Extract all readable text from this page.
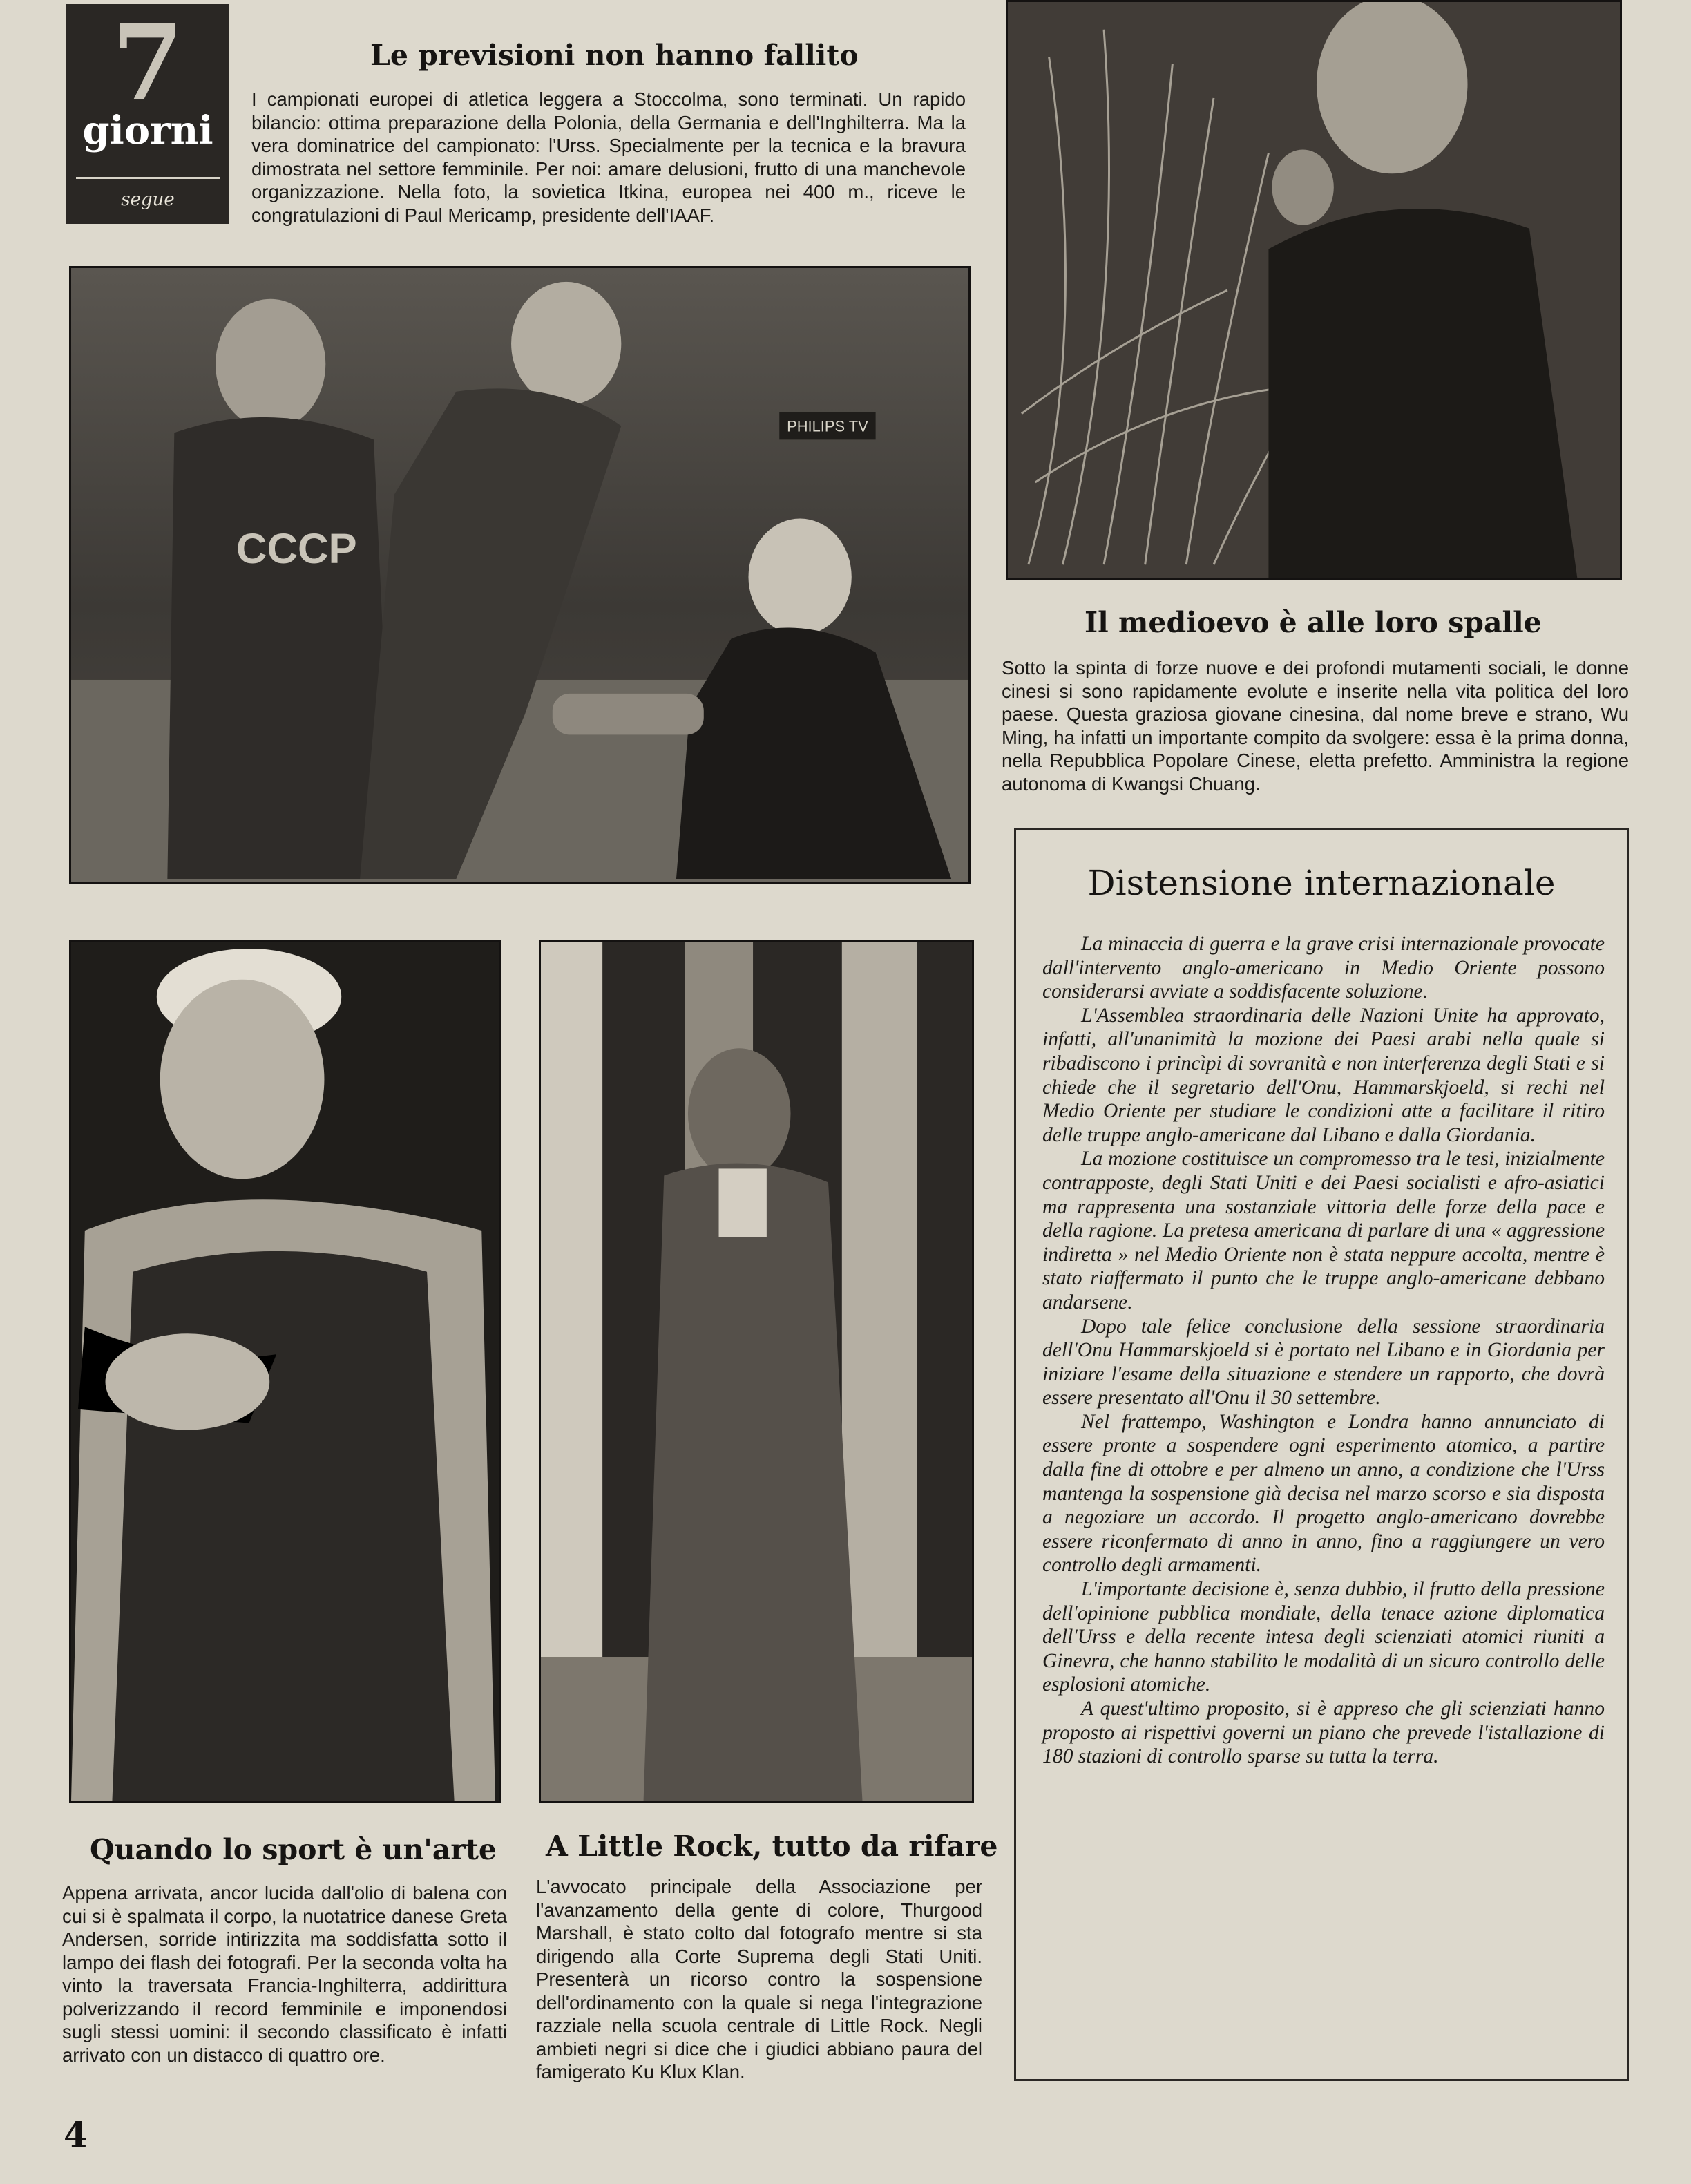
7
giorni
segue
Le previsioni non hanno fallito

I campionati europei di atletica leggera a Stoccolma, sono terminati. Un rapido bilancio: ottima preparazione della Polonia, della Germania e dell'Inghilterra. Ma la vera dominatrice del campionato: l'Urss. Specialmente per la tecnica e la bravura dimostrata nel settore femminile. Per noi: amare delusioni, frutto di una manchevole organizzazione. Nella foto, la sovietica Itkina, europea nei 400 m., riceve le congratulazioni di Paul Mericamp, presidente dell'IAAF.

PHILIPS TV
CCCP
Il medioevo è alle loro spalle

Sotto la spinta di forze nuove e dei profondi mutamenti sociali, le donne cinesi si sono rapidamente evolute e inserite nella vita politica del loro paese. Questa graziosa giovane cinesina, dal nome breve e strano, Wu Ming, ha infatti un importante compito da svolgere: essa è la prima donna, nella Repubblica Popolare Cinese, eletta prefetto. Amministra la regione autonoma di Kwangsi Chuang.

Quando lo sport è un'arte

Appena arrivata, ancor lucida dall'olio di balena con cui si è spalmata il corpo, la nuotatrice danese Greta Andersen, sorride intirizzita ma soddisfatta sotto il lampo dei flash dei fotografi. Per la seconda volta ha vinto la traversata Francia-Inghilterra, addirittura polverizzando il record femminile e imponendosi sugli stessi uomini: il secondo classificato è infatti arrivato con un distacco di quattro ore.

A Little Rock, tutto da rifare

L'avvocato principale della Associazione per l'avanzamento della gente di colore, Thurgood Marshall, è stato colto dal fotografo mentre si sta dirigendo alla Corte Suprema degli Stati Uniti. Presenterà un ricorso contro la sospensione dell'ordinamento con la quale si nega l'integrazione razziale nella scuola centrale di Little Rock. Negli ambieti negri si dice che i giudici abbiano paura del famigerato Ku Klux Klan.

Distensione internazionale

La minaccia di guerra e la grave crisi internazionale provocate dall'intervento anglo-americano in Medio Oriente possono considerarsi avviate a soddisfacente soluzione.

L'Assemblea straordinaria delle Nazioni Unite ha approvato, infatti, all'unanimità la mozione dei Paesi arabi nella quale si ribadiscono i princìpi di sovranità e non interferenza degli Stati e si chiede che il segretario dell'Onu, Hammarskjoeld, si rechi nel Medio Oriente per studiare le condizioni atte a facilitare il ritiro delle truppe anglo-americane dal Libano e dalla Giordania.

La mozione costituisce un compromesso tra le tesi, inizialmente contrapposte, degli Stati Uniti e dei Paesi socialisti e afro-asiatici ma rappresenta una sostanziale vittoria delle forze della pace e della ragione. La pretesa americana di parlare di una « aggressione indiretta » nel Medio Oriente non è stata neppure accolta, mentre è stato riaffermato il punto che le truppe anglo-americane debbano andarsene.

Dopo tale felice conclusione della sessione straordinaria dell'Onu Hammarskjoeld si è portato nel Libano e in Giordania per iniziare l'esame della situazione e stendere un rapporto, che dovrà essere presentato all'Onu il 30 settembre.

Nel frattempo, Washington e Londra hanno annunciato di essere pronte a sospendere ogni esperimento atomico, a partire dalla fine di ottobre e per almeno un anno, a condizione che l'Urss mantenga la sospensione già decisa nel marzo scorso e sia disposta a negoziare un accordo. Il progetto anglo-americano dovrebbe essere riconfermato di anno in anno, fino a raggiungere un vero controllo degli armamenti.

L'importante decisione è, senza dubbio, il frutto della pressione dell'opinione pubblica mondiale, della tenace azione diplomatica dell'Urss e della recente intesa degli scienziati atomici riuniti a Ginevra, che hanno stabilito le modalità di un sicuro controllo delle esplosioni atomiche.

A quest'ultimo proposito, si è appreso che gli scienziati hanno proposto ai rispettivi governi un piano che prevede l'istallazione di 180 stazioni di controllo sparse su tutta la terra.

4
